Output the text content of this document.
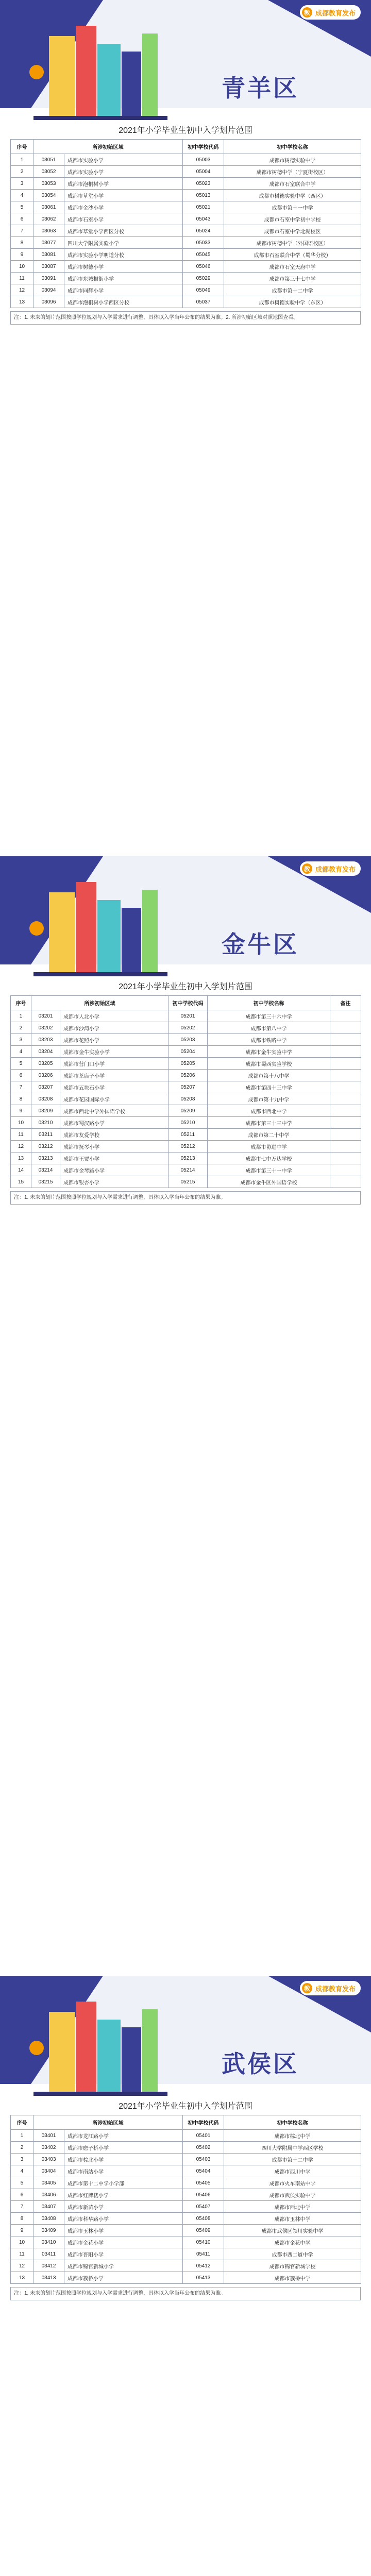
教 成都教育发布
青羊区
2021年小学毕业生初中入学划片范围
序号	所涉初始区域		初中学校代码	初中学校名称
1	03051	成都市实验小学	05003	成都市树德实验中学
2	03052	成都市实验小学	05004	成都市树德中学（宁夏街校区）
3	03053	成都市泡桐树小学	05023	成都市石室联合中学
4	03054	成都市草堂小学	05013	成都市树德实验中学（西区）
5	03061	成都市金沙小学	05021	成都市第十一中学
6	03062	成都市石室小学	05043	成都市石室中学初中学校
7	03063	成都市草堂小学西区分校	05024	成都市石室中学北湖校区
8	03077	四川大学附属实验小学	05033	成都市树德中学（外国语校区）
9	03081	成都市实验小学明道分校	05045	成都市石室联合中学（蜀华分校）
10	03087	成都市树德小学	05046	成都市石室天府中学
11	03091	成都市东城根街小学	05029	成都市第三十七中学
12	03094	成都市同辉小学	05049	成都市第十二中学
13	03096	成都市泡桐树小学西区分校	05037	成都市树德实验中学（东区）
注：1. 未来的划片范围按照学位规划与入学需求进行调整，具体以入学当年公布的结果为准。2. 所涉初始区域对照地图查看。
教 成都教育发布
金牛区
2021年小学毕业生初中入学划片范围
序号	所涉初始区域		初中学校代码	初中学校名称	备注
1	03201	成都市人北小学	05201	成都市第三十六中学	
2	03202	成都市沙湾小学	05202	成都市第八中学	
3	03203	成都市花照小学	05203	成都市铁路中学	
4	03204	成都市金牛实验小学	05204	成都市金牛实验中学	
5	03205	成都市营门口小学	05205	成都市蜀西实验学校	
6	03206	成都市茶店子小学	05206	成都市第十八中学	
7	03207	成都市五块石小学	05207	成都市第四十三中学	
8	03208	成都市花园国际小学	05208	成都市第十九中学	
9	03209	成都市西北中学外国语学校	05209	成都市西北中学	
10	03210	成都市蜀汉路小学	05210	成都市第三十三中学	
11	03211	成都市友爱学校	05211	成都市第二十中学	
12	03212	成都市抚琴小学	05212	成都市协进中学	
13	03213	成都市王贾小学	05213	成都市七中万达学校	
14	03214	成都市金琴路小学	05214	成都市第三十一中学	
15	03215	成都市银杏小学	05215	成都市金牛区外国语学校	
注：1. 未来的划片范围按照学位规划与入学需求进行调整，具体以入学当年公布的结果为准。
教 成都教育发布
武侯区
2021年小学毕业生初中入学划片范围
序号	所涉初始区域		初中学校代码	初中学校名称
1	03401	成都市龙江路小学	05401	成都市棕北中学
2	03402	成都市磨子桥小学	05402	四川大学附属中学西区学校
3	03403	成都市棕北小学	05403	成都市第十二中学
4	03404	成都市南站小学	05404	成都市西川中学
5	03405	成都市第十二中学小学部	05405	成都市火车南站中学
6	03406	成都市红牌楼小学	05406	成都市武侯实验中学
7	03407	成都市新苗小学	05407	成都市西北中学
8	03408	成都市科华路小学	05408	成都市玉林中学
9	03409	成都市玉林小学	05409	成都市武侯区领川实验中学
10	03410	成都市金花小学	05410	成都市金花中学
11	03411	成都市晋阳小学	05411	成都市西二道中学
12	03412	成都市锦官新城小学	05412	成都市锦官新城学校
13	03413	成都市簇桥小学	05413	成都市簇桥中学
注：1. 未来的划片范围按照学位规划与入学需求进行调整，具体以入学当年公布的结果为准。
